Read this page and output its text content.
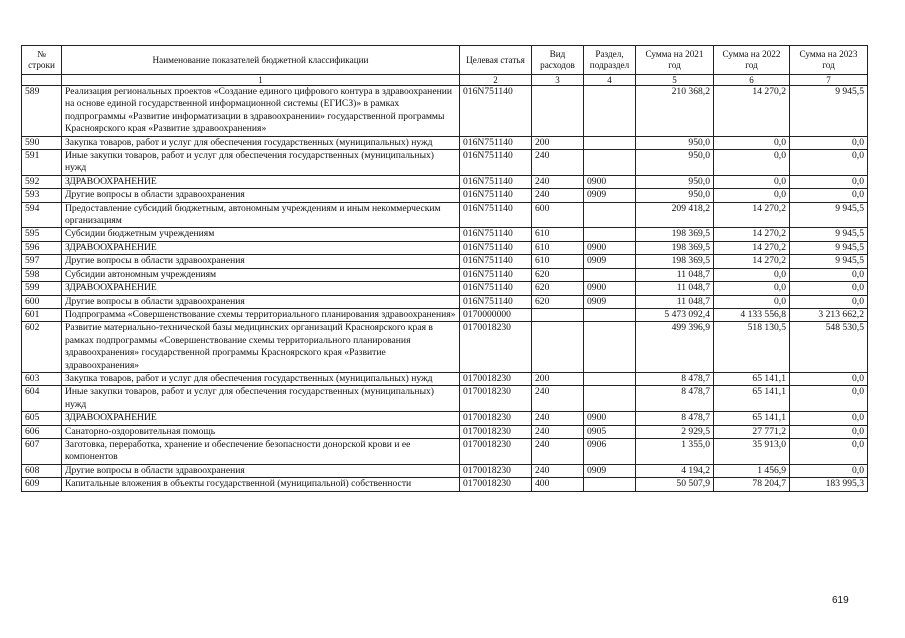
№ строки	Наименование показателей бюджетной классификации	Целевая статья	Вид расходов	Раздел, подраздел	Сумма на 2021 год	Сумма на 2022 год	Сумма на 2023 год
	1	2	3	4	5	6	7
589	Реализация региональных проектов «Создание единого цифрового контура в здравоохранении на основе единой государственной информационной системы (ЕГИСЗ)» в рамках подпрограммы «Развитие информатизации в здравоохранении» государственной программы Красноярского края «Развитие здравоохранения»	016N751140			210 368,2	14 270,2	9 945,5
590	Закупка товаров, работ и услуг для обеспечения государственных (муниципальных) нужд	016N751140	200		950,0	0,0	0,0
591	Иные закупки товаров, работ и услуг для обеспечения государственных (муниципальных) нужд	016N751140	240		950,0	0,0	0,0
592	ЗДРАВООХРАНЕНИЕ	016N751140	240	0900	950,0	0,0	0,0
593	Другие вопросы в области здравоохранения	016N751140	240	0909	950,0	0,0	0,0
594	Предоставление субсидий бюджетным, автономным учреждениям и иным некоммерческим организациям	016N751140	600		209 418,2	14 270,2	9 945,5
595	Субсидии бюджетным учреждениям	016N751140	610		198 369,5	14 270,2	9 945,5
596	ЗДРАВООХРАНЕНИЕ	016N751140	610	0900	198 369,5	14 270,2	9 945,5
597	Другие вопросы в области здравоохранения	016N751140	610	0909	198 369,5	14 270,2	9 945,5
598	Субсидии автономным учреждениям	016N751140	620		11 048,7	0,0	0,0
599	ЗДРАВООХРАНЕНИЕ	016N751140	620	0900	11 048,7	0,0	0,0
600	Другие вопросы в области здравоохранения	016N751140	620	0909	11 048,7	0,0	0,0
601	Подпрограмма «Совершенствование схемы территориального планирования здравоохранения»	0170000000			5 473 092,4	4 133 556,8	3 213 662,2
602	Развитие материально-технической базы медицинских организаций Красноярского края в рамках подпрограммы «Совершенствование схемы территориального планирования здравоохранения» государственной программы Красноярского края «Развитие здравоохранения»	0170018230			499 396,9	518 130,5	548 530,5
603	Закупка товаров, работ и услуг для обеспечения государственных (муниципальных) нужд	0170018230	200		8 478,7	65 141,1	0,0
604	Иные закупки товаров, работ и услуг для обеспечения государственных (муниципальных) нужд	0170018230	240		8 478,7	65 141,1	0,0
605	ЗДРАВООХРАНЕНИЕ	0170018230	240	0900	8 478,7	65 141,1	0,0
606	Санаторно-оздоровительная помощь	0170018230	240	0905	2 929,5	27 771,2	0,0
607	Заготовка, переработка, хранение и обеспечение безопасности донорской крови и ее компонентов	0170018230	240	0906	1 355,0	35 913,0	0,0
608	Другие вопросы в области здравоохранения	0170018230	240	0909	4 194,2	1 456,9	0,0
609	Капитальные вложения в объекты государственной (муниципальной) собственности	0170018230	400		50 507,9	78 204,7	183 995,3
619
